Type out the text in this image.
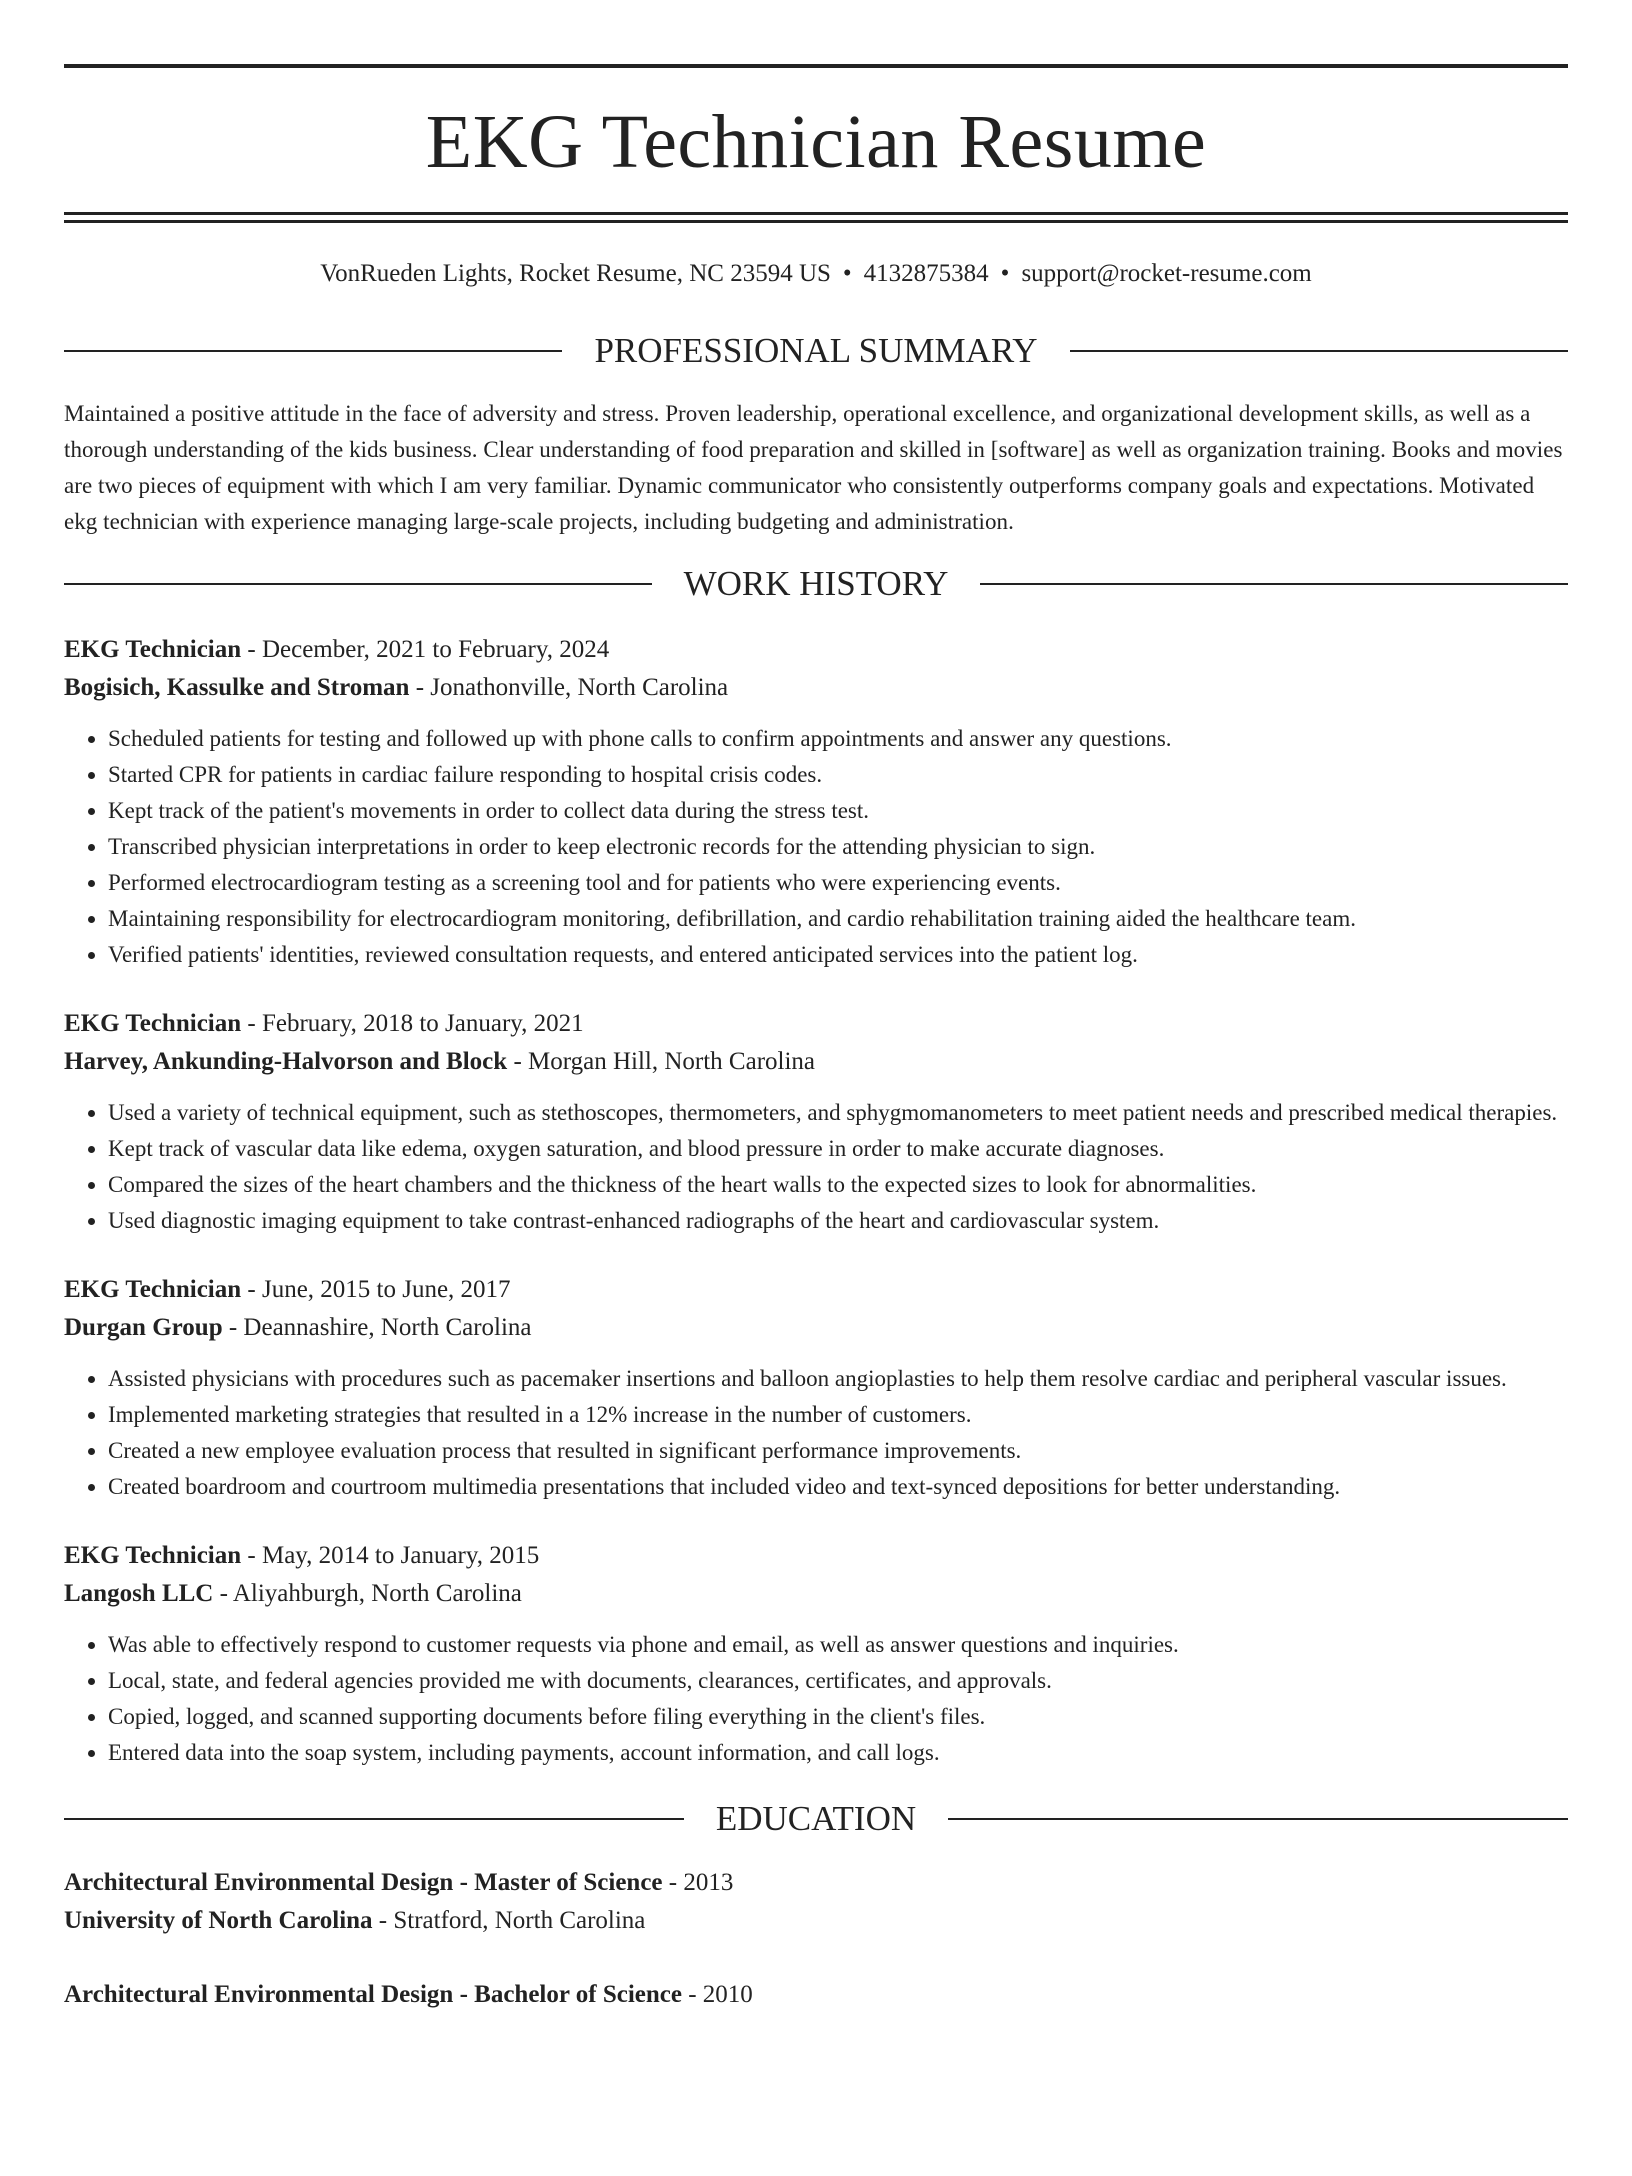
EKG Technician Resume
VonRueden Lights, Rocket Resume, NC 23594 US • 4132875384 • support@rocket-resume.com
PROFESSIONAL SUMMARY
Maintained a positive attitude in the face of adversity and stress. Proven leadership, operational excellence, and organizational development skills, as well as a thorough understanding of the kids business. Clear understanding of food preparation and skilled in [software] as well as organization training. Books and movies are two pieces of equipment with which I am very familiar. Dynamic communicator who consistently outperforms company goals and expectations. Motivated ekg technician with experience managing large-scale projects, including budgeting and administration.
WORK HISTORY
EKG Technician - December, 2021 to February, 2024
Bogisich, Kassulke and Stroman - Jonathonville, North Carolina
• Scheduled patients for testing and followed up with phone calls to confirm appointments and answer any questions.
• Started CPR for patients in cardiac failure responding to hospital crisis codes.
• Kept track of the patient's movements in order to collect data during the stress test.
• Transcribed physician interpretations in order to keep electronic records for the attending physician to sign.
• Performed electrocardiogram testing as a screening tool and for patients who were experiencing events.
• Maintaining responsibility for electrocardiogram monitoring, defibrillation, and cardio rehabilitation training aided the healthcare team.
• Verified patients' identities, reviewed consultation requests, and entered anticipated services into the patient log.
EKG Technician - February, 2018 to January, 2021
Harvey, Ankunding-Halvorson and Block - Morgan Hill, North Carolina
• Used a variety of technical equipment, such as stethoscopes, thermometers, and sphygmomanometers to meet patient needs and prescribed medical therapies.
• Kept track of vascular data like edema, oxygen saturation, and blood pressure in order to make accurate diagnoses.
• Compared the sizes of the heart chambers and the thickness of the heart walls to the expected sizes to look for abnormalities.
• Used diagnostic imaging equipment to take contrast-enhanced radiographs of the heart and cardiovascular system.
EKG Technician - June, 2015 to June, 2017
Durgan Group - Deannashire, North Carolina
• Assisted physicians with procedures such as pacemaker insertions and balloon angioplasties to help them resolve cardiac and peripheral vascular issues.
• Implemented marketing strategies that resulted in a 12% increase in the number of customers.
• Created a new employee evaluation process that resulted in significant performance improvements.
• Created boardroom and courtroom multimedia presentations that included video and text-synced depositions for better understanding.
EKG Technician - May, 2014 to January, 2015
Langosh LLC - Aliyahburgh, North Carolina
• Was able to effectively respond to customer requests via phone and email, as well as answer questions and inquiries.
• Local, state, and federal agencies provided me with documents, clearances, certificates, and approvals.
• Copied, logged, and scanned supporting documents before filing everything in the client's files.
• Entered data into the soap system, including payments, account information, and call logs.
EDUCATION
Architectural Environmental Design - Master of Science - 2013
University of North Carolina - Stratford, North Carolina
Architectural Environmental Design - Bachelor of Science - 2010
